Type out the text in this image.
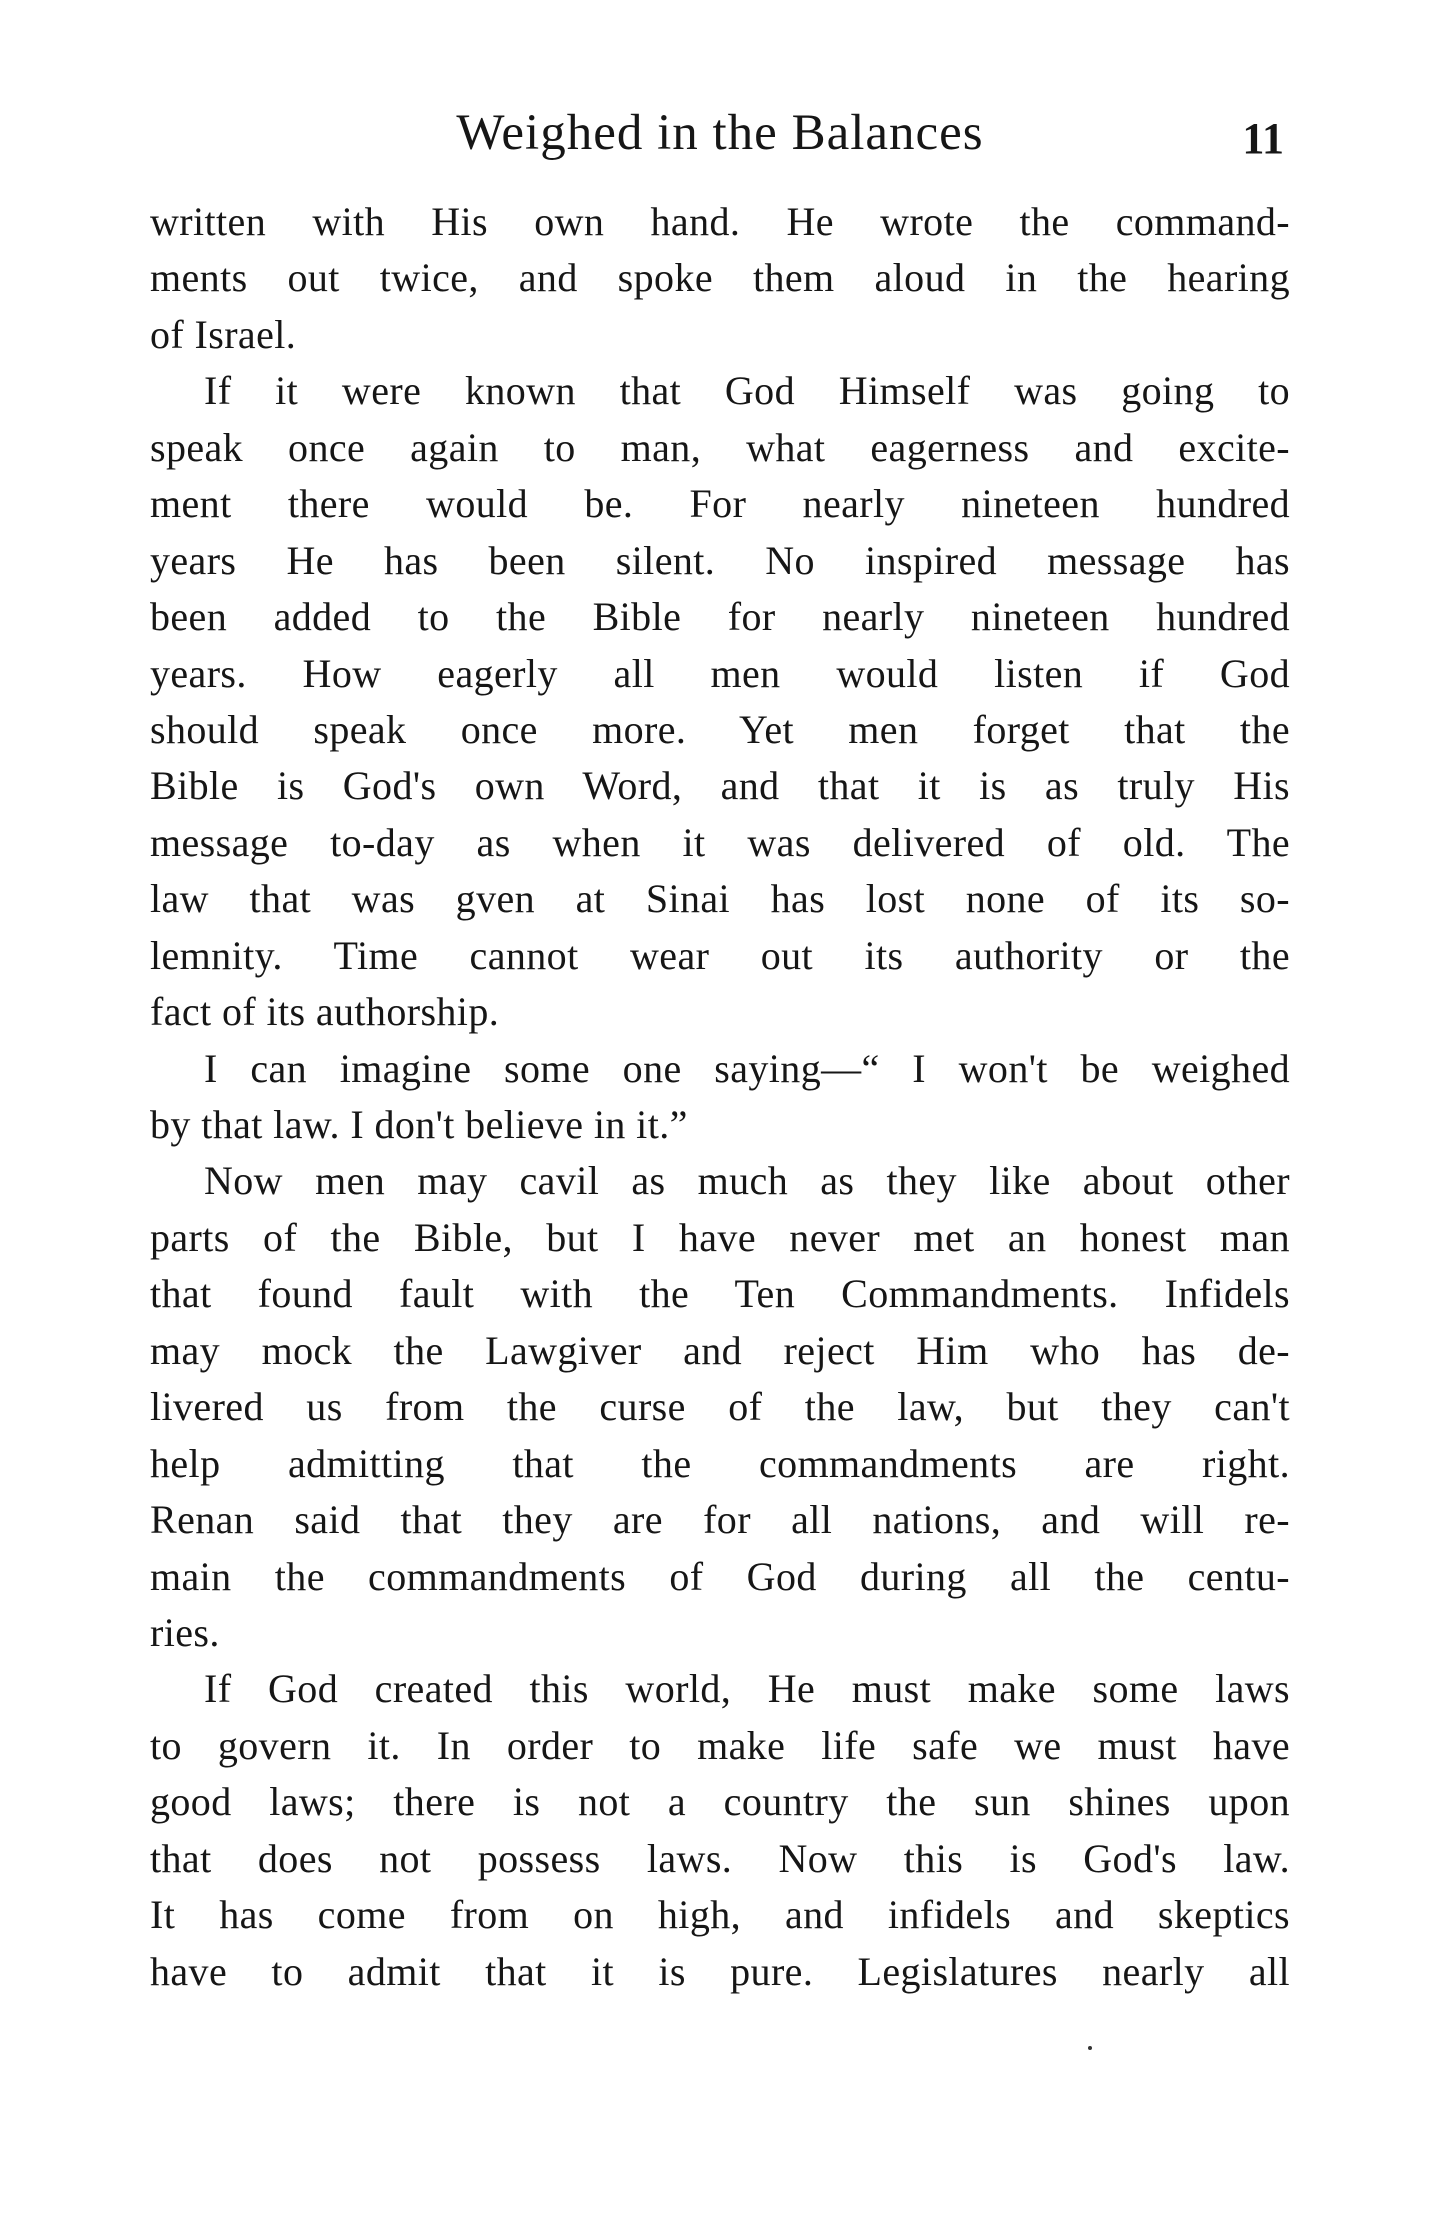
Weighed in the Balances	11
written with His own hand. He wrote the command-
ments out twice, and spoke them aloud in the hearing
of Israel.
If it were known that God Himself was going to
speak once again to man, what eagerness and excite-
ment there would be. For nearly nineteen hundred
years He has been silent. No inspired message has
been added to the Bible for nearly nineteen hundred
years. How eagerly all men would listen if God
should speak once more. Yet men forget that the
Bible is God's own Word, and that it is as truly His
message to-day as when it was delivered of old. The
law that was gven at Sinai has lost none of its so-
lemnity. Time cannot wear out its authority or the
fact of its authorship.
I can imagine some one saying—“ I won't be weighed
by that law. I don't believe in it.”
Now men may cavil as much as they like about other
parts of the Bible, but I have never met an honest man
that found fault with the Ten Commandments. Infidels
may mock the Lawgiver and reject Him who has de-
livered us from the curse of the law, but they can't
help admitting that the commandments are right.
Renan said that they are for all nations, and will re-
main the commandments of God during all the centu-
ries.
If God created this world, He must make some laws
to govern it. In order to make life safe we must have
good laws; there is not a country the sun shines upon
that does not possess laws. Now this is God's law.
It has come from on high, and infidels and skeptics
have to admit that it is pure. Legislatures nearly all
